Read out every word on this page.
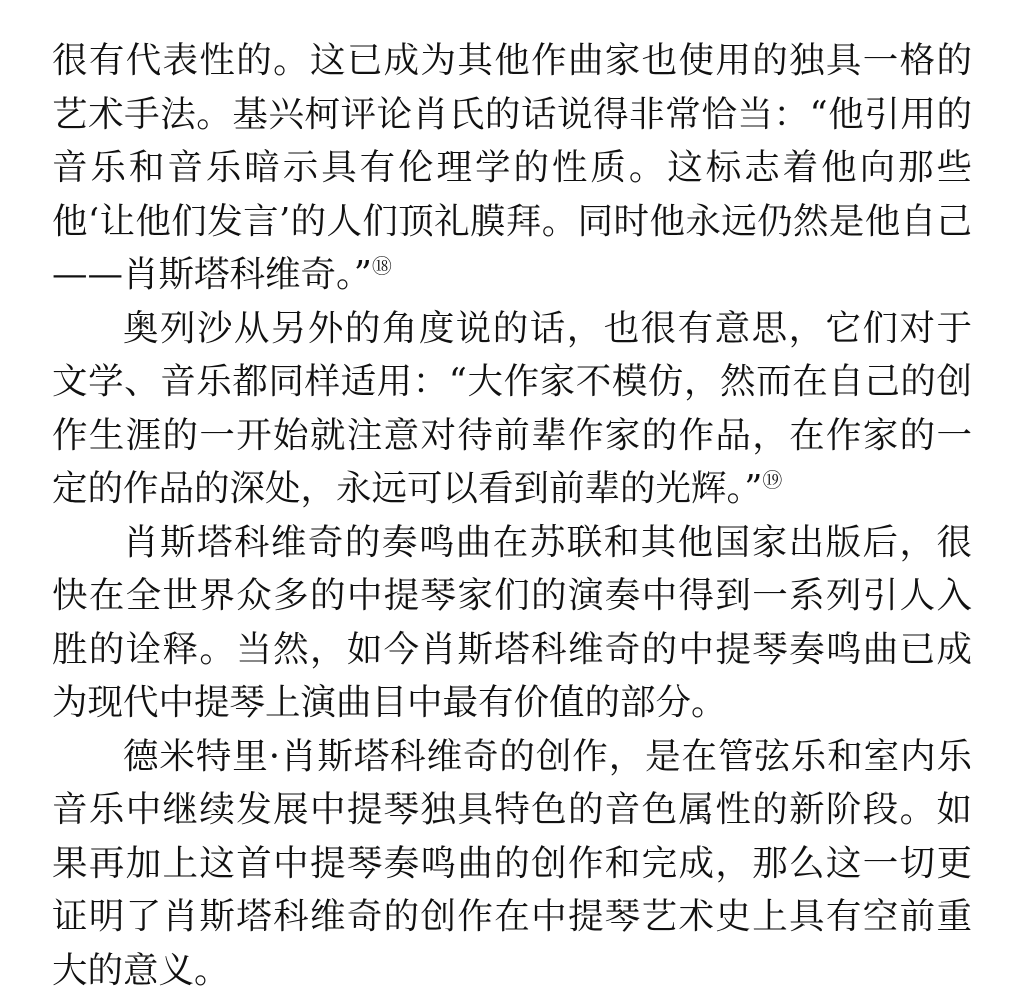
很有代表性的。这已成为其他作曲家也使用的独具一格的艺术手法。基兴柯评论肖氏的话说得非常恰当：“他引用的音乐和音乐暗示具有伦理学的性质。这标志着他向那些他‘让他们发言’的人们顶礼膜拜。同时他永远仍然是他自己——肖斯塔科维奇。”⑱

奥列沙从另外的角度说的话，也很有意思，它们对于文学、音乐都同样适用：“大作家不模仿，然而在自己的创作生涯的一开始就注意对待前辈作家的作品，在作家的一定的作品的深处，永远可以看到前辈的光辉。”⑲

肖斯塔科维奇的奏鸣曲在苏联和其他国家出版后，很快在全世界众多的中提琴家们的演奏中得到一系列引人入胜的诠释。当然，如今肖斯塔科维奇的中提琴奏鸣曲已成为现代中提琴上演曲目中最有价值的部分。

德米特里·肖斯塔科维奇的创作，是在管弦乐和室内乐音乐中继续发展中提琴独具特色的音色属性的新阶段。如果再加上这首中提琴奏鸣曲的创作和完成，那么这一切更证明了肖斯塔科维奇的创作在中提琴艺术史上具有空前重大的意义。
